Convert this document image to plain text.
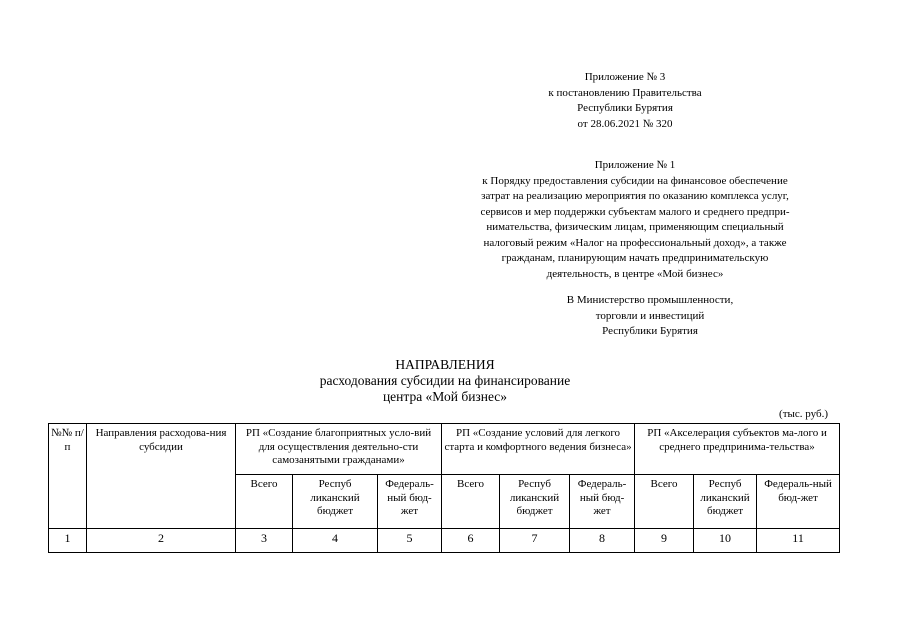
Приложение № 3
к постановлению Правительства
Республики Бурятия
от 28.06.2021 № 320
Приложение № 1
к Порядку предоставления субсидии на финансовое обеспечение
затрат на реализацию мероприятия по оказанию комплекса услуг,
сервисов и мер поддержки субъектам малого и среднего предпри-
нимательства, физическим лицам, применяющим специальный
налоговый режим «Налог на профессиональный доход», а также
гражданам, планирующим начать предпринимательскую
деятельность, в центре «Мой бизнес»
В Министерство промышленности,
торговли и инвестиций
Республики Бурятия
НАПРАВЛЕНИЯ
расходования субсидии на финансирование
центра «Мой бизнес»
(тыс. руб.)
№№ п/п	Направления расходова-ния субсидии	РП «Создание благоприятных усло-вий для осуществления деятельно-сти самозанятыми гражданами»			РП «Создание условий для легкого старта и комфортного ведения бизнеса»			РП «Акселерация субъектов ма-лого и среднего предпринима-тельства»		
		Всего	Респуб ликанский бюджет	Федераль-ный бюд-жет	Всего	Респуб ликанский бюджет	Федераль-ный бюд-жет	Всего	Респуб ликанский бюджет	Федераль-ный бюд-жет
1	2	3	4	5	6	7	8	9	10	11
